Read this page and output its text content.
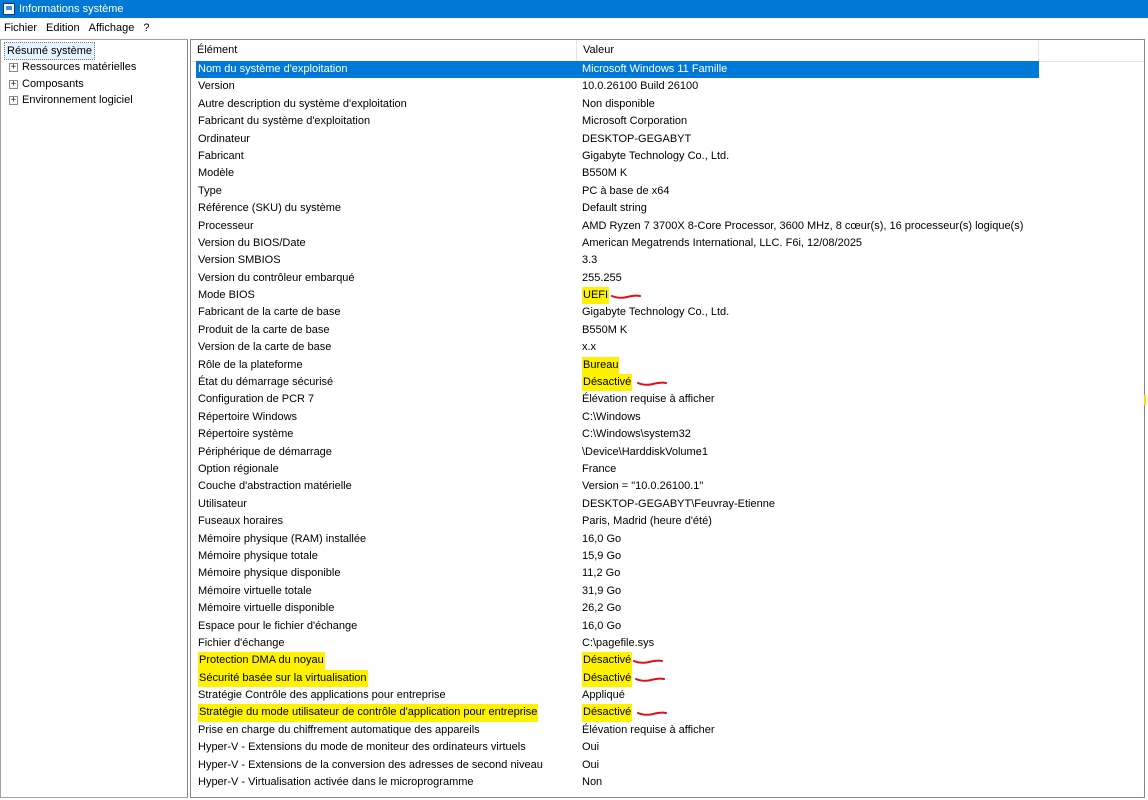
Informations système
Fichier Edition Affichage ?
Résumé système
+ Ressources matérielles
+ Composants
+ Environnement logiciel
Élément	Valeur
Nom du système d'exploitation	Microsoft Windows 11 Famille
Version	10.0.26100 Build 26100
Autre description du système d'exploitation	Non disponible
Fabricant du système d'exploitation	Microsoft Corporation
Ordinateur	DESKTOP-GEGABYT
Fabricant	Gigabyte Technology Co., Ltd.
Modèle	B550M K
Type	PC à base de x64
Référence (SKU) du système	Default string
Processeur	AMD Ryzen 7 3700X 8-Core Processor, 3600 MHz, 8 cœur(s), 16 processeur(s) logique(s)
Version du BIOS/Date	American Megatrends International, LLC. F6i, 12/08/2025
Version SMBIOS	3.3
Version du contrôleur embarqué	255.255
Mode BIOS	UEFI
Fabricant de la carte de base	Gigabyte Technology Co., Ltd.
Produit de la carte de base	B550M K
Version de la carte de base	x.x
Rôle de la plateforme	Bureau
État du démarrage sécurisé	Désactivé
Configuration de PCR 7	Élévation requise à afficher
Répertoire Windows	C:\Windows
Répertoire système	C:\Windows\system32
Périphérique de démarrage	\Device\HarddiskVolume1
Option régionale	France
Couche d'abstraction matérielle	Version = "10.0.26100.1"
Utilisateur	DESKTOP-GEGABYT\Feuvray-Etienne
Fuseaux horaires	Paris, Madrid (heure d'été)
Mémoire physique (RAM) installée	16,0 Go
Mémoire physique totale	15,9 Go
Mémoire physique disponible	11,2 Go
Mémoire virtuelle totale	31,9 Go
Mémoire virtuelle disponible	26,2 Go
Espace pour le fichier d'échange	16,0 Go
Fichier d'échange	C:\pagefile.sys
Protection DMA du noyau	Désactivé
Sécurité basée sur la virtualisation	Désactivé
Stratégie Contrôle des applications pour entreprise	Appliqué
Stratégie du mode utilisateur de contrôle d'application pour entreprise	Désactivé
Prise en charge du chiffrement automatique des appareils	Élévation requise à afficher
Hyper-V - Extensions du mode de moniteur des ordinateurs virtuels	Oui
Hyper-V - Extensions de la conversion des adresses de second niveau	Oui
Hyper-V - Virtualisation activée dans le microprogramme	Non
